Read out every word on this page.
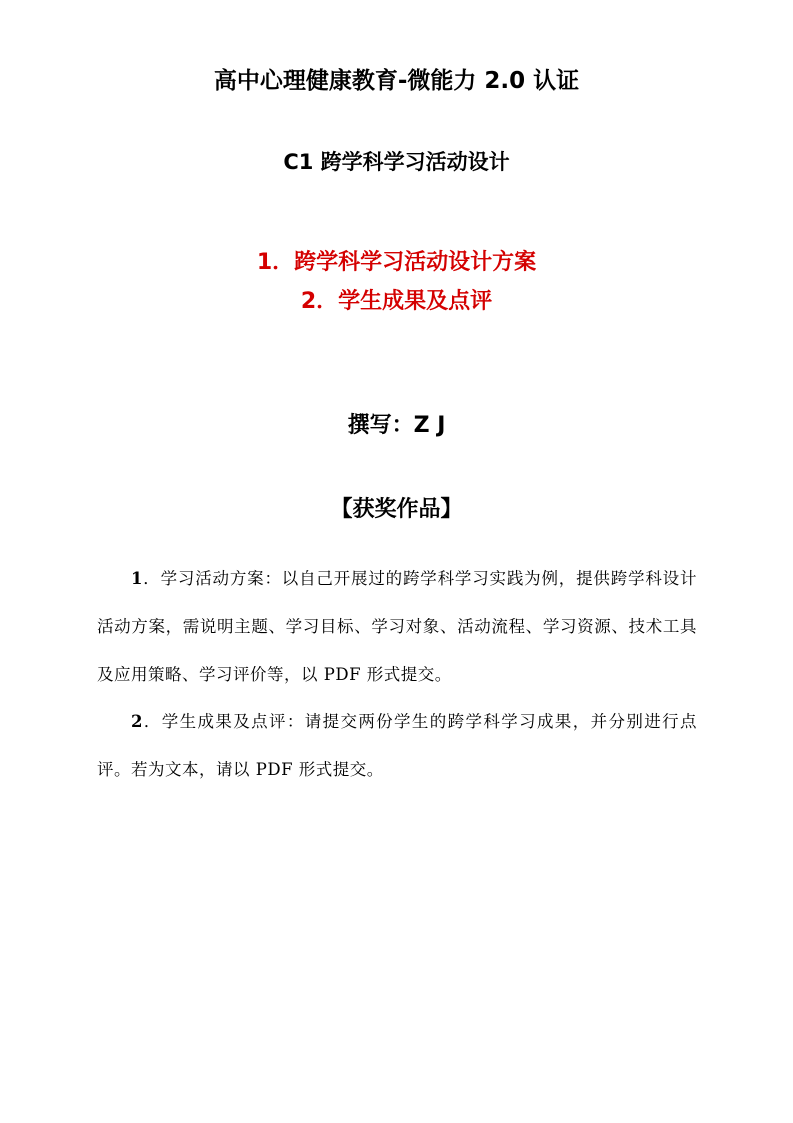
高中心理健康教育-微能力 2.0 认证
C1 跨学科学习活动设计
1．跨学科学习活动设计方案
2．学生成果及点评
撰写：Z J
【获奖作品】
1．学习活动方案：以自己开展过的跨学科学习实践为例，提供跨学科设计活动方案，需说明主题、学习目标、学习对象、活动流程、学习资源、技术工具及应用策略、学习评价等，以 PDF 形式提交。
2．学生成果及点评：请提交两份学生的跨学科学习成果，并分别进行点评。若为文本，请以 PDF 形式提交。
